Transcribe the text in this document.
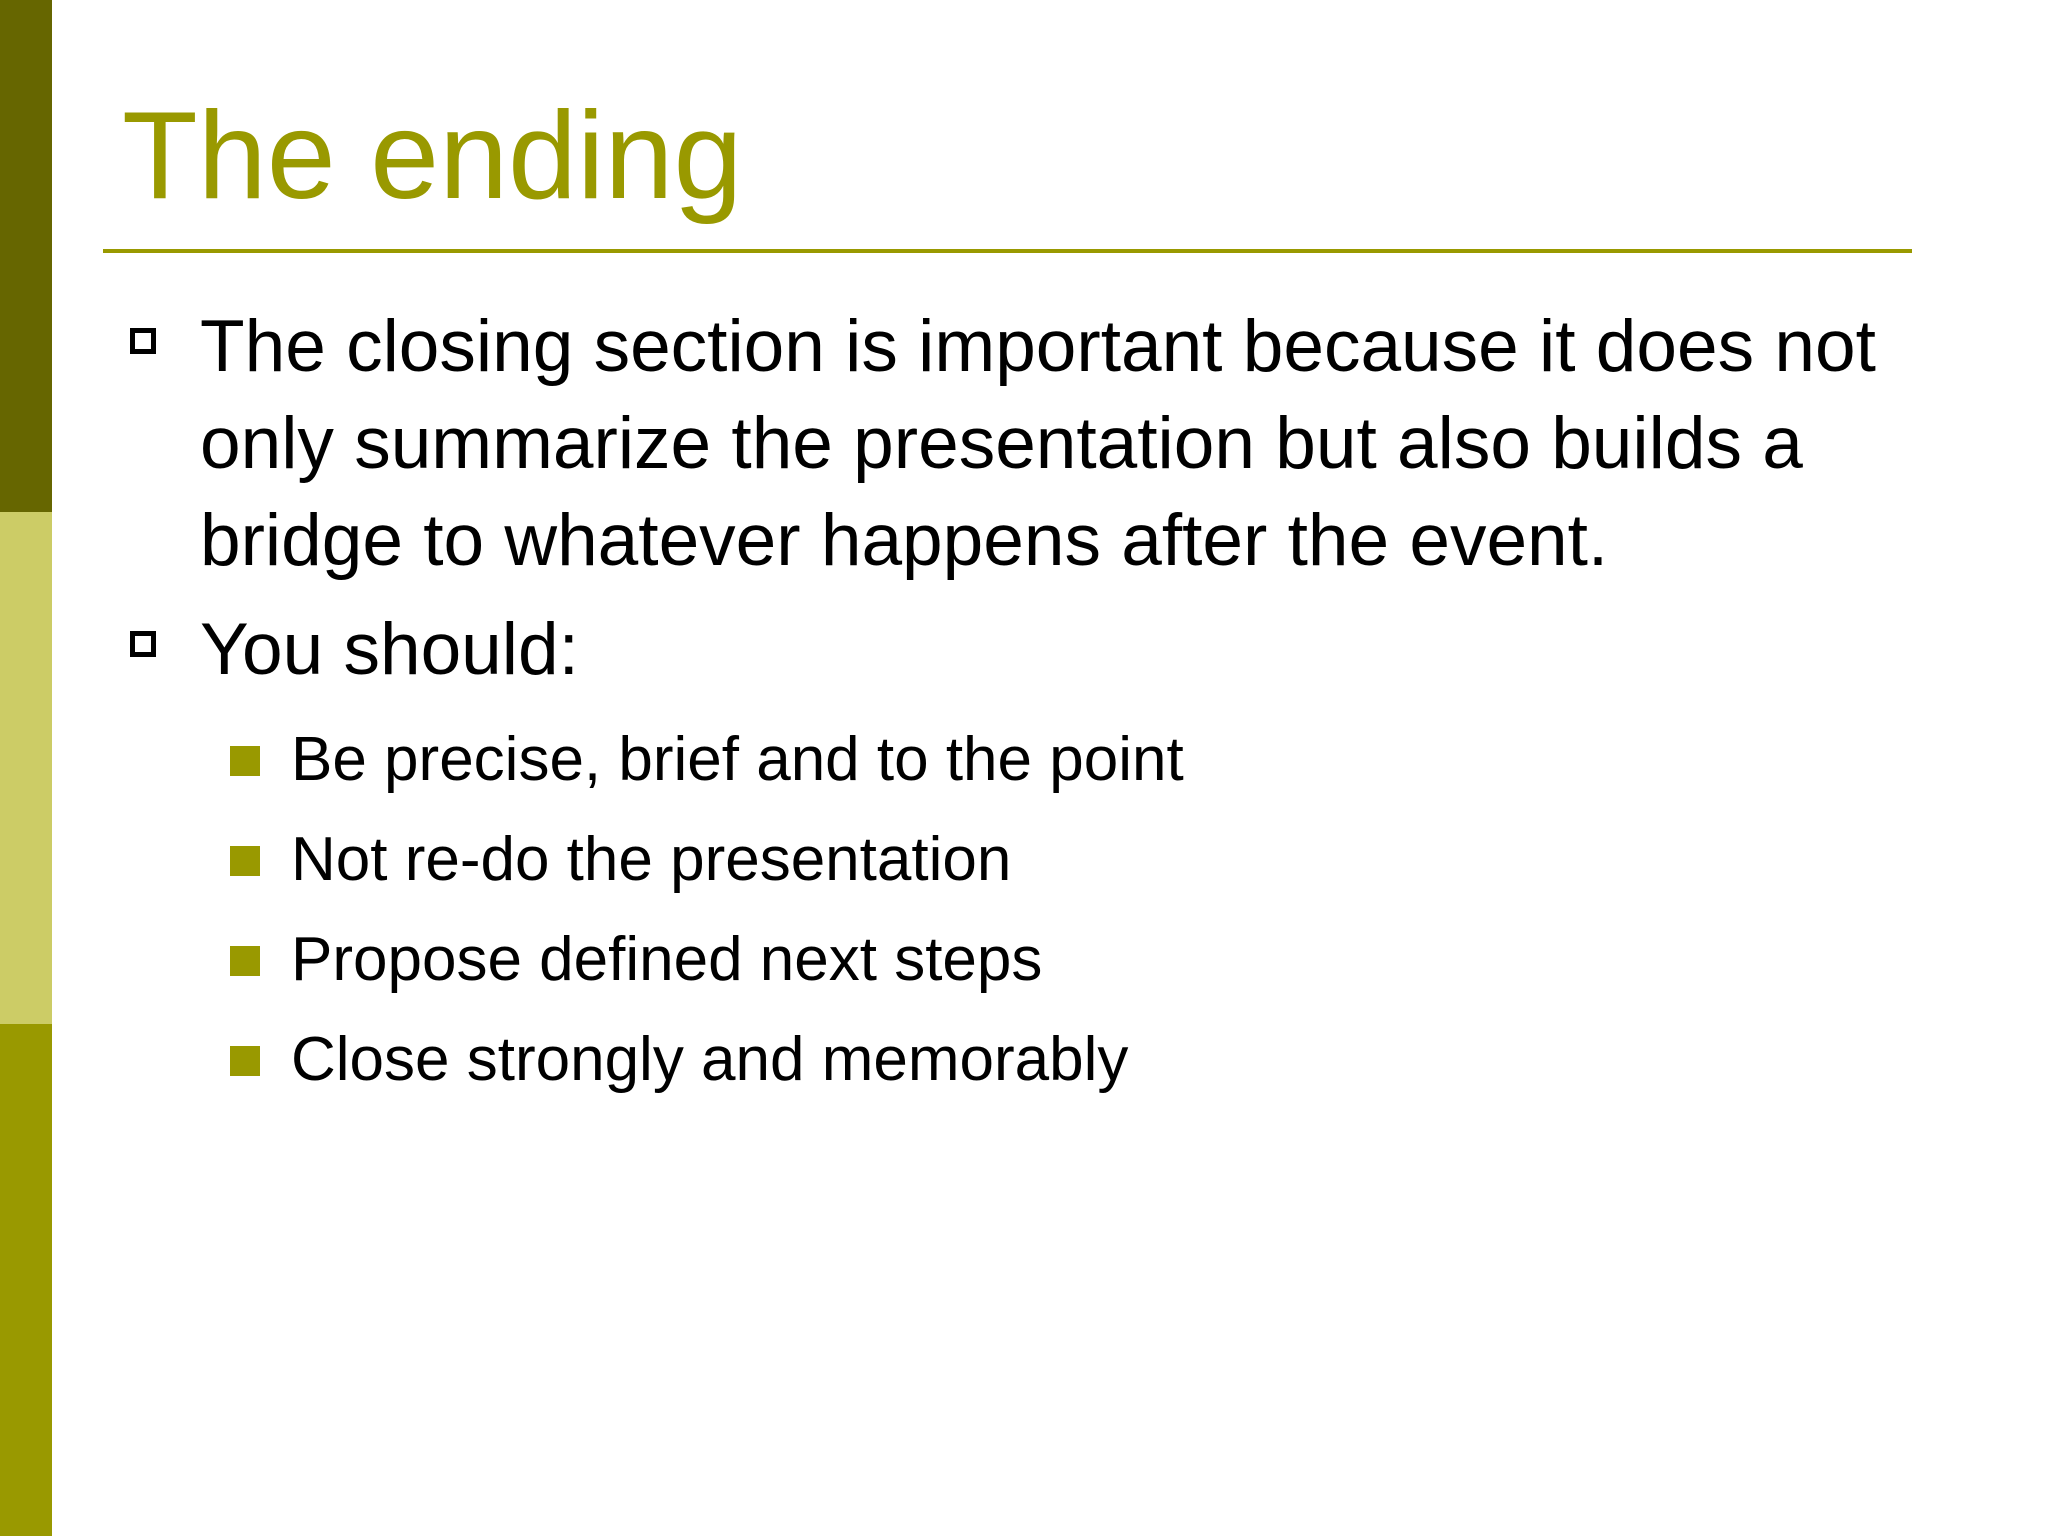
The ending
The closing section is important because it does not only summarize the presentation but also builds a bridge to whatever happens after the event.
You should:
Be precise, brief and to the point
Not re-do the presentation
Propose defined next steps
Close strongly and memorably
